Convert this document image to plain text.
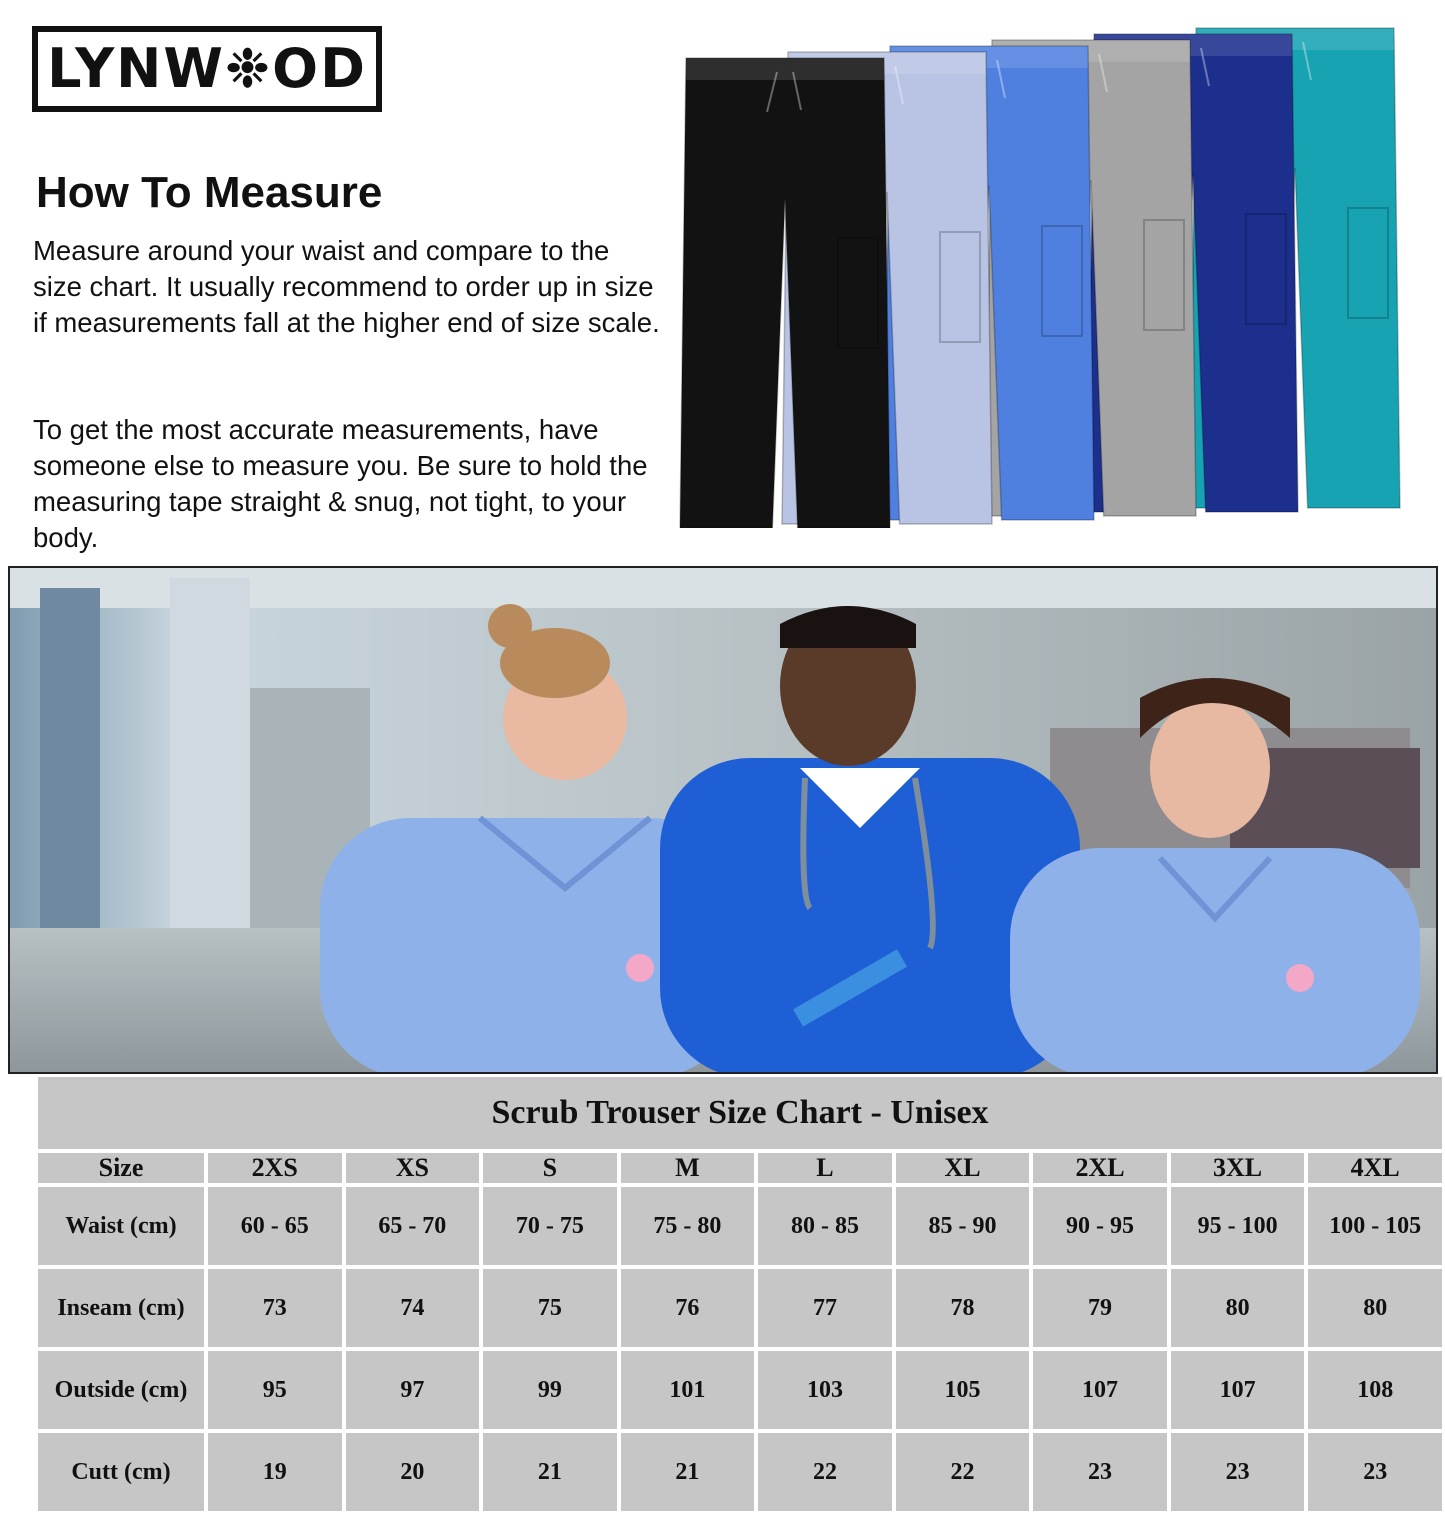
LYNW❉OD
How To Measure

Measure around your waist and compare to the size chart. It usually recommend to order up in size if measurements fall at the higher end of size scale.

To get the most accurate measurements, have someone else to measure you. Be sure to hold the measuring tape straight & snug, not tight, to your body.

Scrub Trouser Size Chart - Unisex
Size	2XS	XS	S	M	L	XL	2XL	3XL	4XL
Waist (cm)	60 - 65	65 - 70	70 - 75	75 - 80	80 - 85	85 - 90	90 - 95	95 - 100	100 - 105
Inseam (cm)	73	74	75	76	77	78	79	80	80
Outside (cm)	95	97	99	101	103	105	107	107	108
Cutt (cm)	19	20	21	21	22	22	23	23	23
